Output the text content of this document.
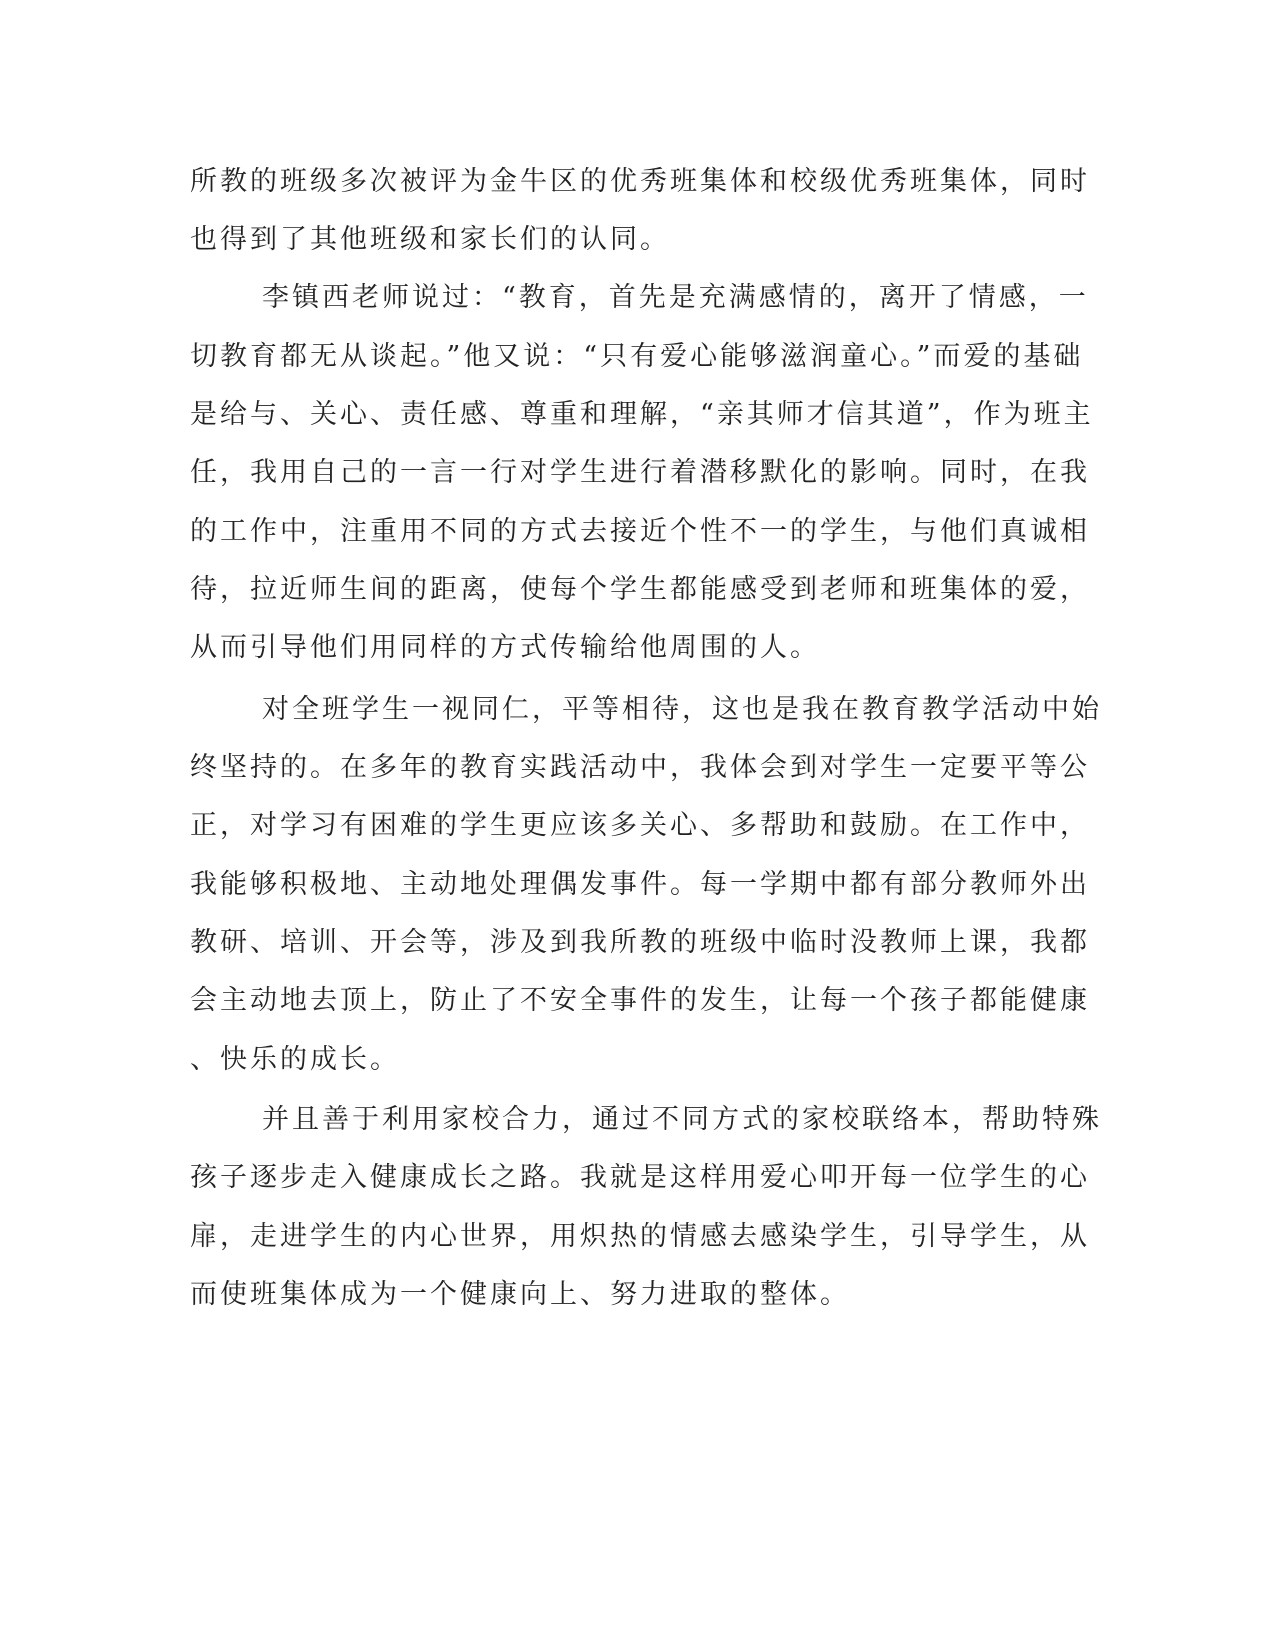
所教的班级多次被评为金牛区的优秀班集体和校级优秀班集体，同时
也得到了其他班级和家长们的认同。
李镇西老师说过：“教育，首先是充满感情的，离开了情感，一
切教育都无从谈起。”他又说：“只有爱心能够滋润童心。”而爱的基础
是给与、关心、责任感、尊重和理解，“亲其师才信其道”，作为班主
任，我用自己的一言一行对学生进行着潜移默化的影响。同时，在我
的工作中，注重用不同的方式去接近个性不一的学生，与他们真诚相
待，拉近师生间的距离，使每个学生都能感受到老师和班集体的爱，
从而引导他们用同样的方式传输给他周围的人。
对全班学生一视同仁，平等相待，这也是我在教育教学活动中始
终坚持的。在多年的教育实践活动中，我体会到对学生一定要平等公
正，对学习有困难的学生更应该多关心、多帮助和鼓励。在工作中，
我能够积极地、主动地处理偶发事件。每一学期中都有部分教师外出
教研、培训、开会等，涉及到我所教的班级中临时没教师上课，我都
会主动地去顶上，防止了不安全事件的发生，让每一个孩子都能健康
、快乐的成长。
并且善于利用家校合力，通过不同方式的家校联络本，帮助特殊
孩子逐步走入健康成长之路。我就是这样用爱心叩开每一位学生的心
扉，走进学生的内心世界，用炽热的情感去感染学生，引导学生，从
而使班集体成为一个健康向上、努力进取的整体。
